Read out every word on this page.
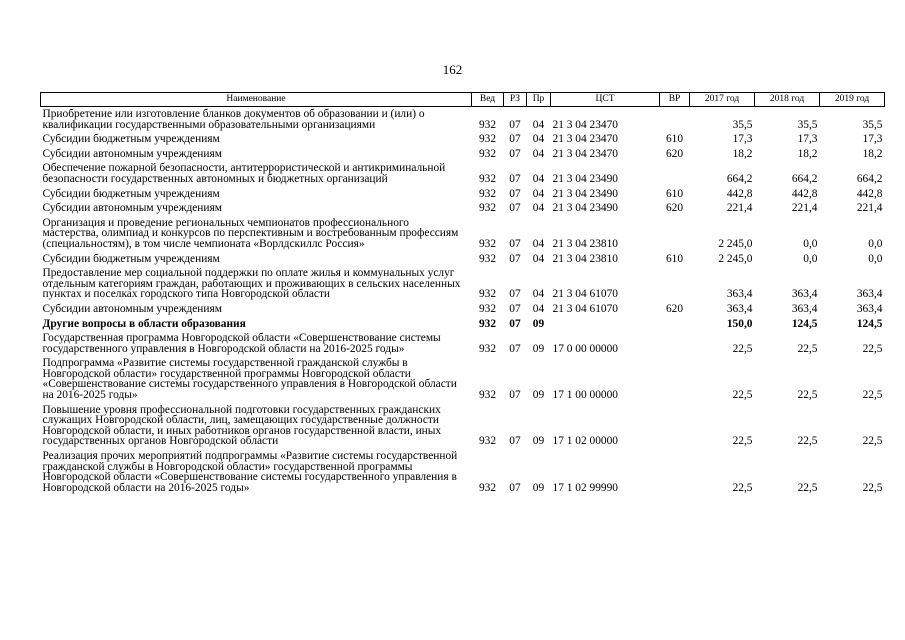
162
Наименование	Вед	РЗ	Пр	ЦСТ	ВР	2017 год	2018 год	2019 год
Приобретение или изготовление бланков документов об образовании и (или) о квалификации государственными образовательными организациями	932	07	04	21 3 04 23470		35,5	35,5	35,5
Субсидии бюджетным учреждениям	932	07	04	21 3 04 23470	610	17,3	17,3	17,3
Субсидии автономным учреждениям	932	07	04	21 3 04 23470	620	18,2	18,2	18,2
Обеспечение пожарной безопасности, антитеррористической и антикриминальной безопасности государственных автономных и бюджетных организаций	932	07	04	21 3 04 23490		664,2	664,2	664,2
Субсидии бюджетным учреждениям	932	07	04	21 3 04 23490	610	442,8	442,8	442,8
Субсидии автономным учреждениям	932	07	04	21 3 04 23490	620	221,4	221,4	221,4
Организация и проведение региональных чемпионатов профессионального мастерства, олимпиад и конкурсов по перспективным и востребованным профессиям (специальностям), в том числе чемпионата «Ворлдскиллс Россия»	932	07	04	21 3 04 23810		2 245,0	0,0	0,0
Субсидии бюджетным учреждениям	932	07	04	21 3 04 23810	610	2 245,0	0,0	0,0
Предоставление мер социальной поддержки по оплате жилья и коммунальных услуг отдельным категориям граждан, работающих и проживающих в сельских населенных пунктах и поселках городского типа Новгородской области	932	07	04	21 3 04 61070		363,4	363,4	363,4
Субсидии автономным учреждениям	932	07	04	21 3 04 61070	620	363,4	363,4	363,4
Другие вопросы в области образования	932	07	09			150,0	124,5	124,5
Государственная программа Новгородской области «Совершенствование системы государственного управления в Новгородской области на 2016-2025 годы»	932	07	09	17 0 00 00000		22,5	22,5	22,5
Подпрограмма «Развитие системы государственной гражданской службы в Новгородской области» государственной программы Новгородской области «Совершенствование системы государственного управления в Новгородской области на 2016-2025 годы»	932	07	09	17 1 00 00000		22,5	22,5	22,5
Повышение уровня профессиональной подготовки государственных гражданских служащих Новгородской области, лиц, замещающих государственные должности Новгородской области, и иных работников органов государственной власти, иных государственных органов Новгородской области	932	07	09	17 1 02 00000		22,5	22,5	22,5
Реализация прочих мероприятий подпрограммы «Развитие системы государственной гражданской службы в Новгородской области» государственной программы Новгородской области «Совершенствование системы государственного управления в Новгородской области на 2016-2025 годы»	932	07	09	17 1 02 99990		22,5	22,5	22,5
